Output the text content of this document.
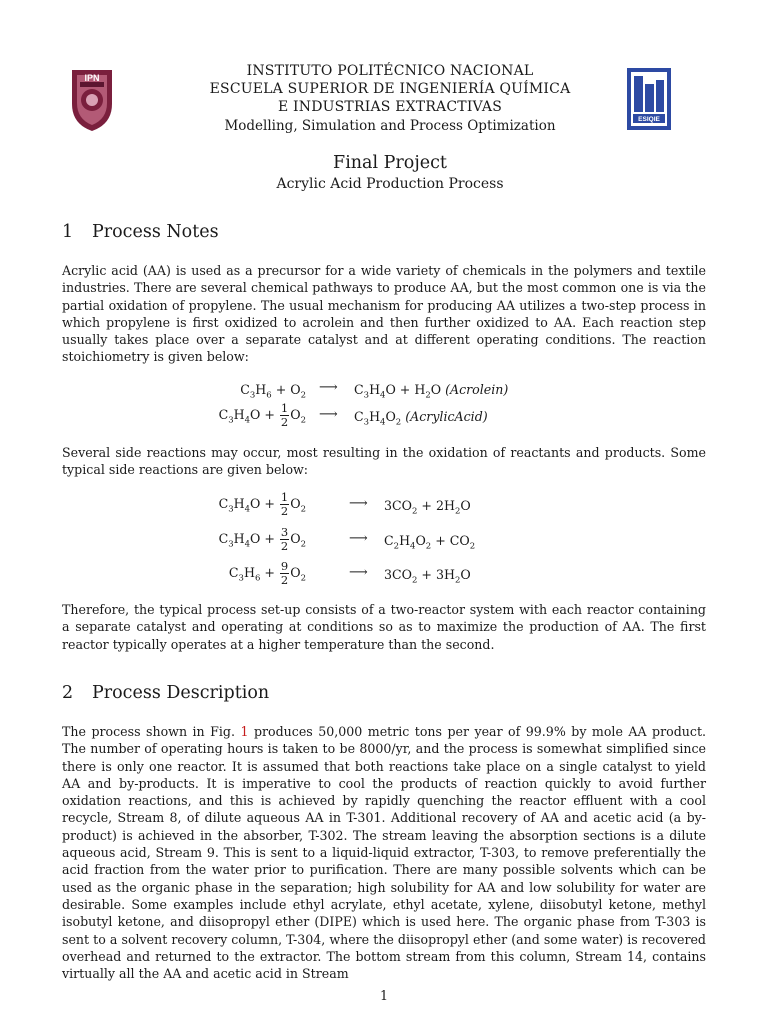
IPN
ESIQIE
INSTITUTO POLITÉCNICO NACIONAL
ESCUELA SUPERIOR DE INGENIERÍA QUÍMICA
E INDUSTRIAS EXTRACTIVAS
Modelling, Simulation and Process Optimization
Final Project
Acrylic Acid Production Process
1 Process Notes

Acrylic acid (AA) is used as a precursor for a wide variety of chemicals in the polymers and textile industries. There are several chemical pathways to produce AA, but the most common one is via the partial oxidation of propylene. The usual mechanism for producing AA utilizes a two-step process in which propylene is first oxidized to acrolein and then further oxidized to AA. Each reaction step usually takes place over a separate catalyst and at different operating conditions. The reaction stoichiometry is given below:

$C_3H_6 + O_2$
⟶ $C_3H_4O + H_2O$ (Acrolein)
$C_3H_4O + \frac{1}{2} O_2$ ⟶ $C_3H_4O_2$ (AcrylicAcid)

Several side reactions may occur, most resulting in the oxidation of reactants and products. Some typical side reactions are given below:

$C_3H_4O + \frac{1}{2} O_2$	⟶ $3CO_2 + 2H_2O$
$C_3H_4O + \frac{3}{2} O_2$	⟶ $C_2H_4O_2 + CO_2$
$C_3H_6 + \frac{9}{2} O_2$	⟶ $3CO_2 + 3H_2O$

Therefore, the typical process set-up consists of a two-reactor system with each reactor containing a separate catalyst and operating at conditions so as to maximize the production of AA. The first reactor typically operates at a higher temperature than the second.

2 Process Description

The process shown in Fig. 1 produces 50,000 metric tons per year of 99.9% by mole AA product. The number of operating hours is taken to be 8000/yr, and the process is somewhat simplified since there is only one reactor. It is assumed that both reactions take place on a single catalyst to yield AA and by-products. It is imperative to cool the products of reaction quickly to avoid further oxidation reactions, and this is achieved by rapidly quenching the reactor effluent with a cool recycle, Stream 8, of dilute aqueous AA in T-301. Additional recovery of AA and acetic acid (a by-product) is achieved in the absorber, T-302. The stream leaving the absorption sections is a dilute aqueous acid, Stream 9. This is sent to a liquid-liquid extractor, T-303, to remove preferentially the acid fraction from the water prior to purification. There are many possible solvents which can be used as the organic phase in the separation; high solubility for AA and low solubility for water are desirable. Some examples include ethyl acrylate, ethyl acetate, xylene, diisobutyl ketone, methyl isobutyl ketone, and diisopropyl ether (DIPE) which is used here. The organic phase from T-303 is sent to a solvent recovery column, T-304, where the diisopropyl ether (and some water) is recovered overhead and returned to the extractor. The bottom stream from this column, Stream 14, contains virtually all the AA and acetic acid in Stream

1
